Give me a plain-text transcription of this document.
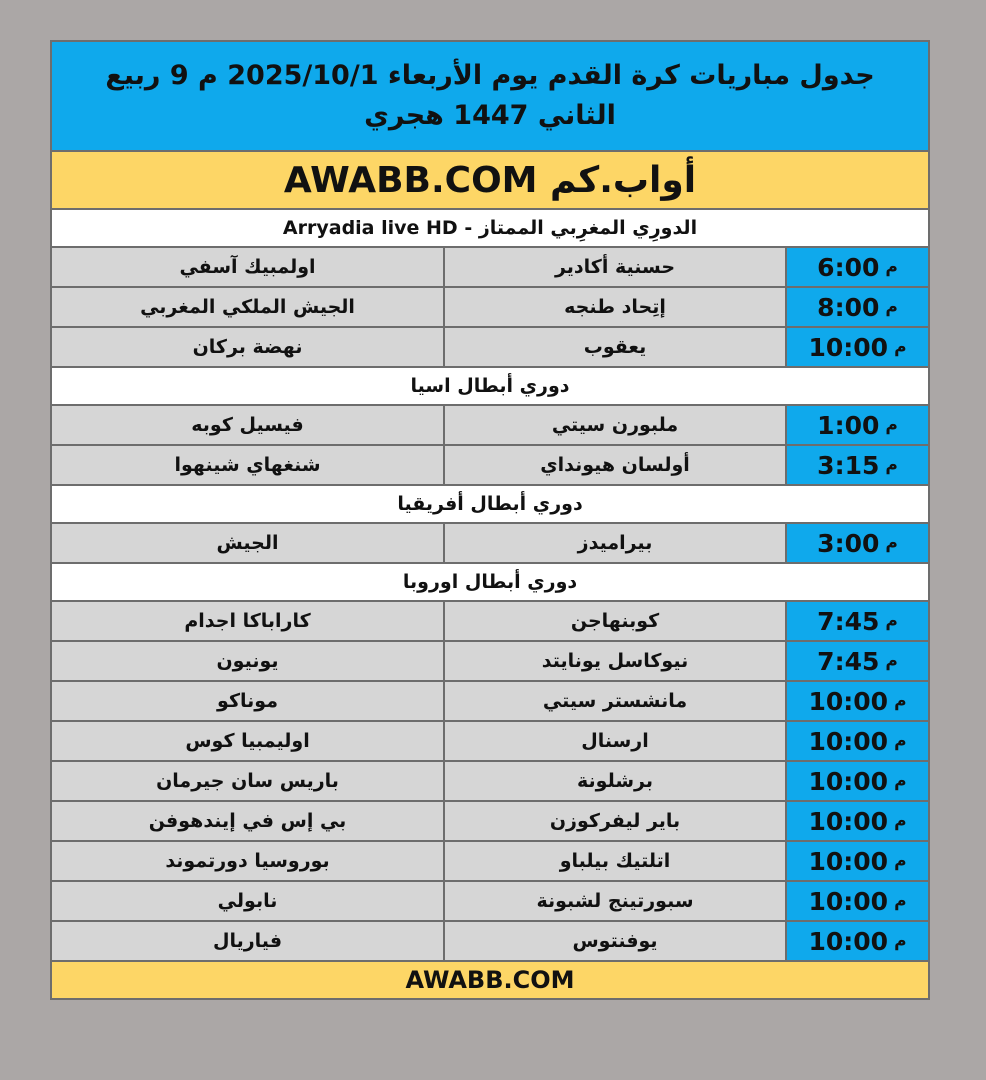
جدول مباريات كرة القدم يوم الأربعاء 2025/10/1 م 9 ربيع
الثاني 1447 هجري
أواب.كم AWABB.COM
الدورِي المغرِبي الممتاز - Arryadia live HD
م
6:00
حسنية أكادير
اولمبيك آسفي
م
8:00
إتِحاد طنجه
الجيش الملكي المغربي
م
10:00
يعقوب
نهضة بركان
دوري أبطال اسيا
م
1:00
ملبورن سيتي
فيسيل كوبه
م
3:15
أولسان هيونداي
شنغهاي شينهوا
دوري أبطال أفريقيا
م
3:00
بيراميدز
الجيش
دوري أبطال اوروبا
م
7:45
كوبنهاجن
كاراباكا اجدام
م
7:45
نيوكاسل يونايتد
يونيون
م
10:00
مانشستر سيتي
موناكو
م
10:00
ارسنال
اوليمبيا كوس
م
10:00
برشلونة
باريس سان جيرمان
م
10:00
باير ليفركوزن
بي إس في إيندهوفن
م
10:00
اتلتيك بيلباو
بوروسيا دورتموند
م
10:00
سبورتينج لشبونة
نابولي
م
10:00
يوفنتوس
فياريال
AWABB.COM
